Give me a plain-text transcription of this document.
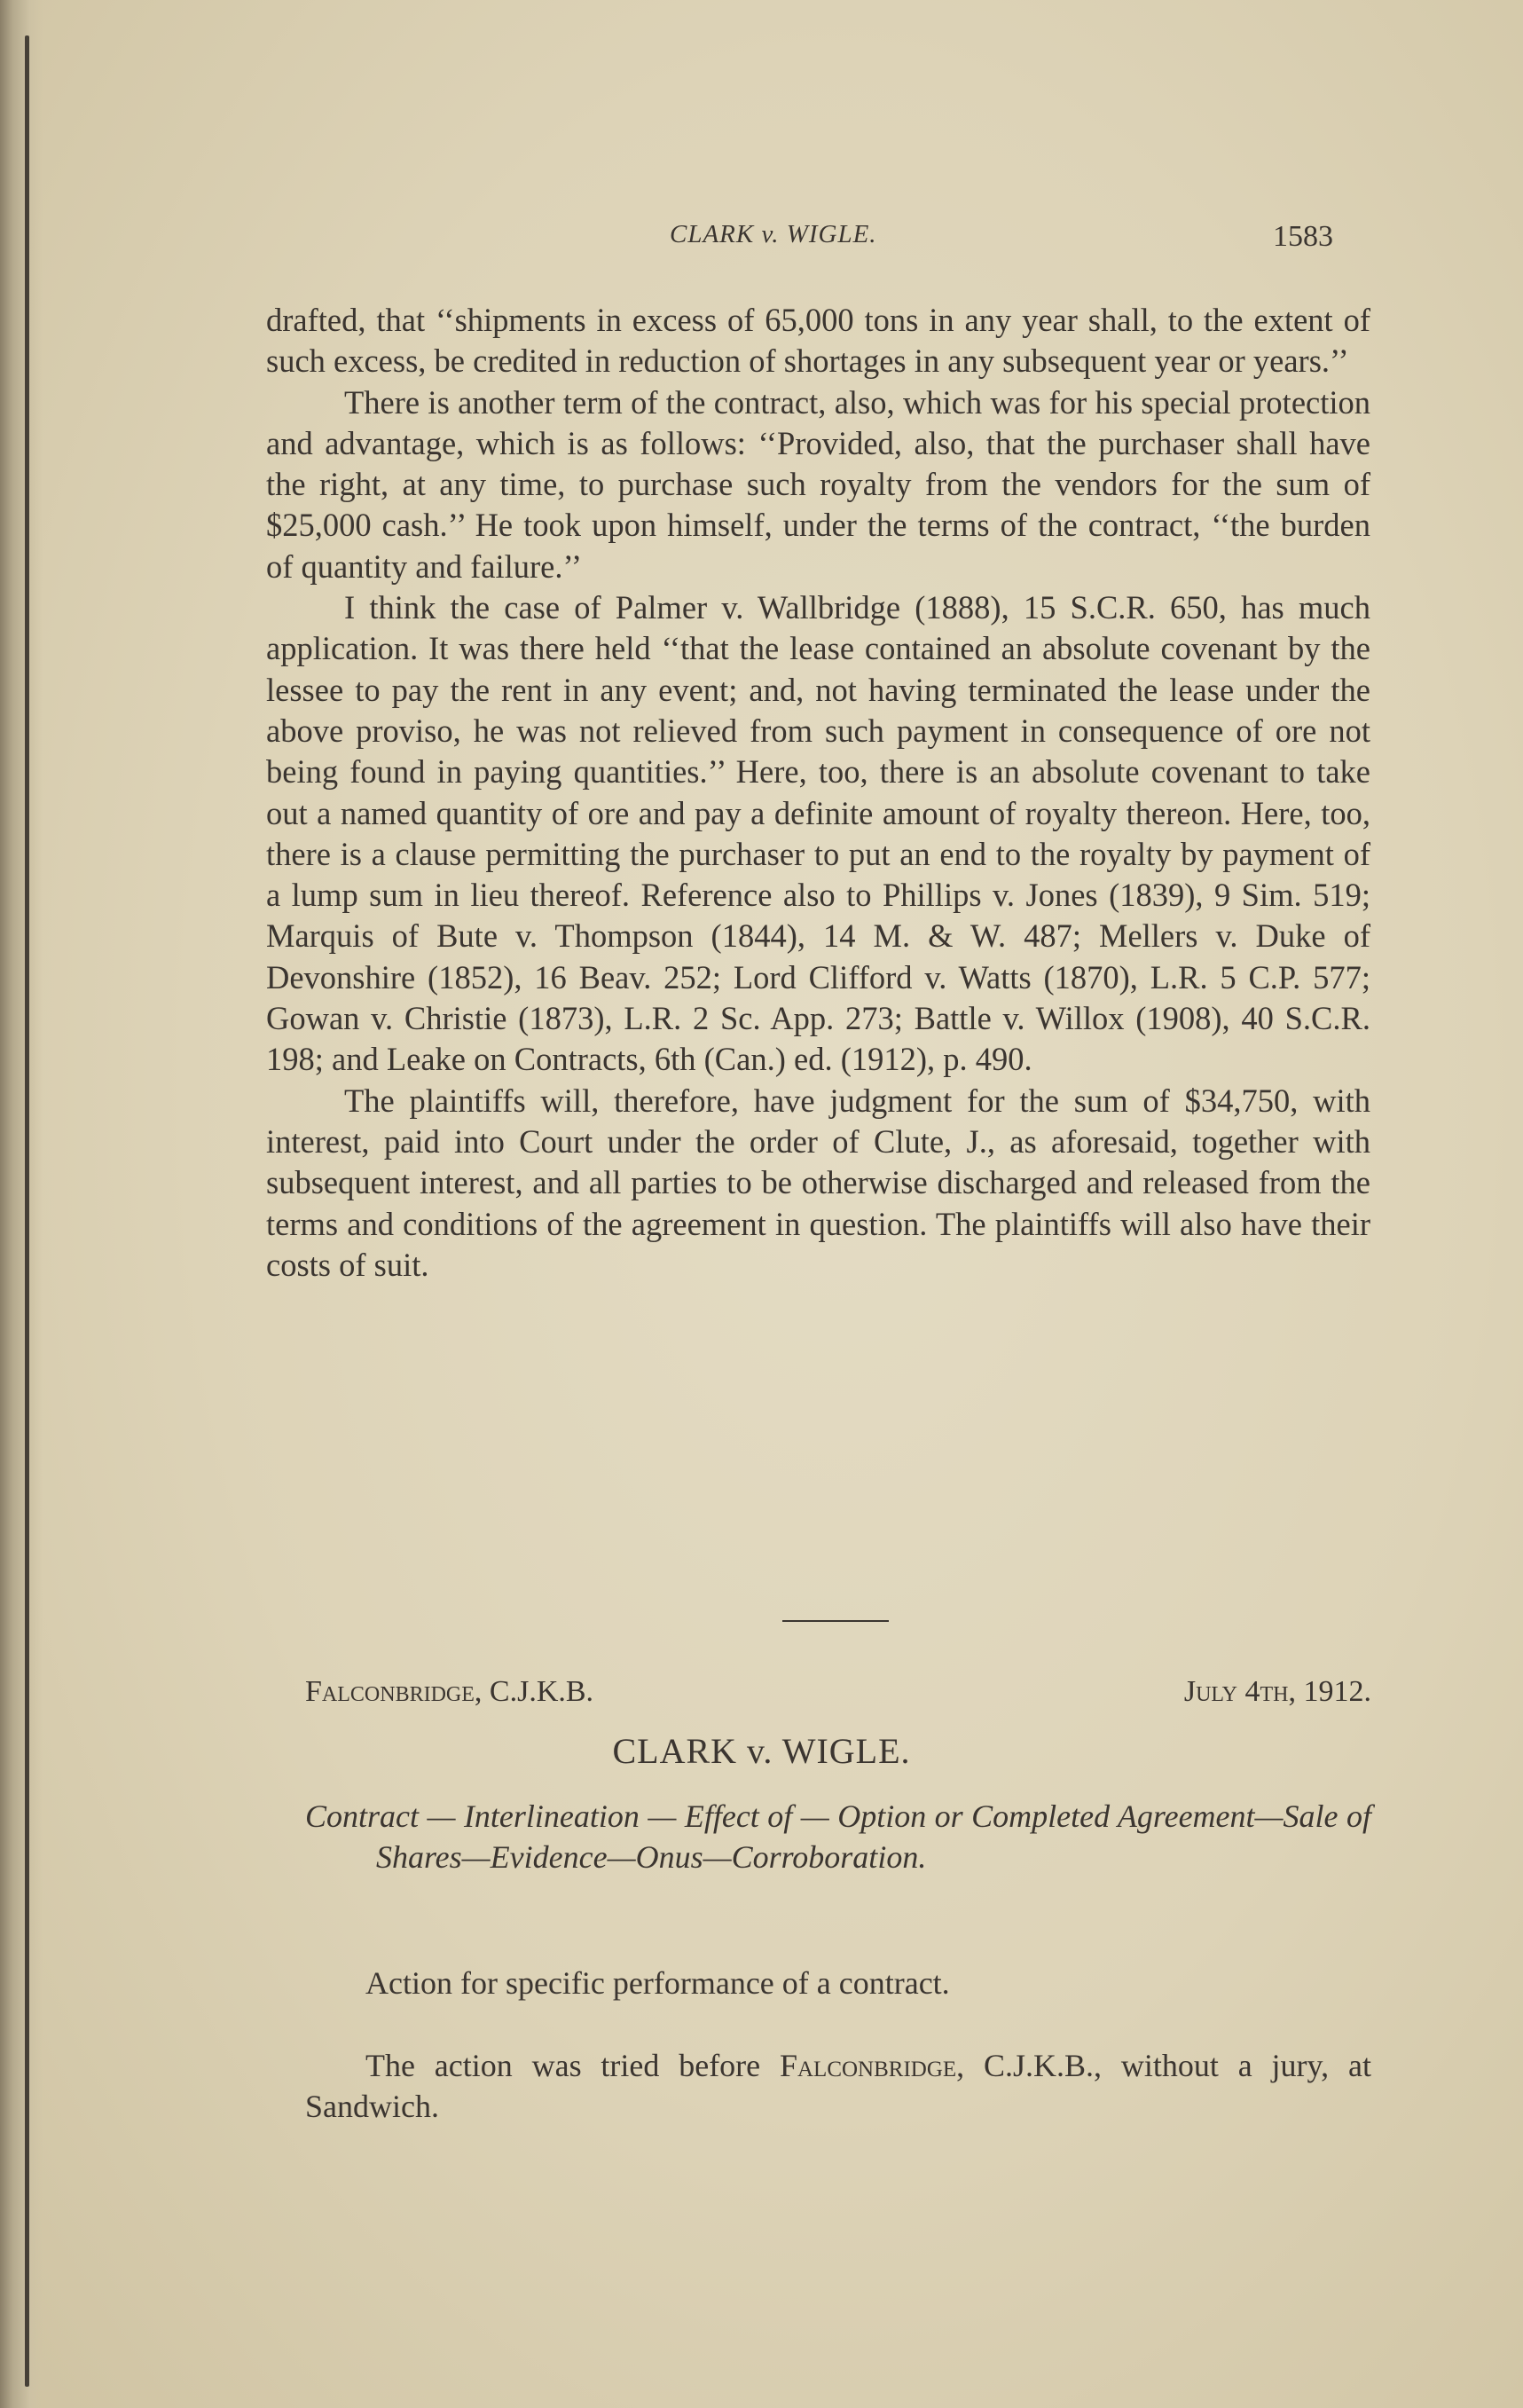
CLARK v. WIGLE.	1583

drafted, that ‘‘shipments in excess of 65,000 tons in any year shall, to the extent of such excess, be credited in reduction of shortages in any subsequent year or years.’’

There is another term of the contract, also, which was for his special protection and advantage, which is as follows: ‘‘Provided, also, that the purchaser shall have the right, at any time, to purchase such royalty from the vendors for the sum of $25,000 cash.’’ He took upon himself, under the terms of the contract, ‘‘the burden of quantity and failure.’’

I think the case of Palmer v. Wallbridge (1888), 15 S.C.R. 650, has much application. It was there held ‘‘that the lease contained an absolute covenant by the lessee to pay the rent in any event; and, not having terminated the lease under the above proviso, he was not relieved from such payment in consequence of ore not being found in paying quantities.’’ Here, too, there is an absolute covenant to take out a named quantity of ore and pay a definite amount of royalty thereon. Here, too, there is a clause permitting the purchaser to put an end to the royalty by payment of a lump sum in lieu thereof. Reference also to Phillips v. Jones (1839), 9 Sim. 519; Marquis of Bute v. Thompson (1844), 14 M. & W. 487; Mellers v. Duke of Devonshire (1852), 16 Beav. 252; Lord Clifford v. Watts (1870), L.R. 5 C.P. 577; Gowan v. Christie (1873), L.R. 2 Sc. App. 273; Battle v. Willox (1908), 40 S.C.R. 198; and Leake on Contracts, 6th (Can.) ed. (1912), p. 490.

The plaintiffs will, therefore, have judgment for the sum of $34,750, with interest, paid into Court under the order of Clute, J., as aforesaid, together with subsequent interest, and all parties to be otherwise discharged and released from the terms and conditions of the agreement in question. The plaintiffs will also have their costs of suit.

Falconbridge, C.J.K.B.	July 4th, 1912.
CLARK v. WIGLE.
Contract — Interlineation — Effect of — Option or Completed Agreement—Sale of Shares—Evidence—Onus—Corroboration.
Action for specific performance of a contract.
The action was tried before Falconbridge, C.J.K.B., without a jury, at Sandwich.
